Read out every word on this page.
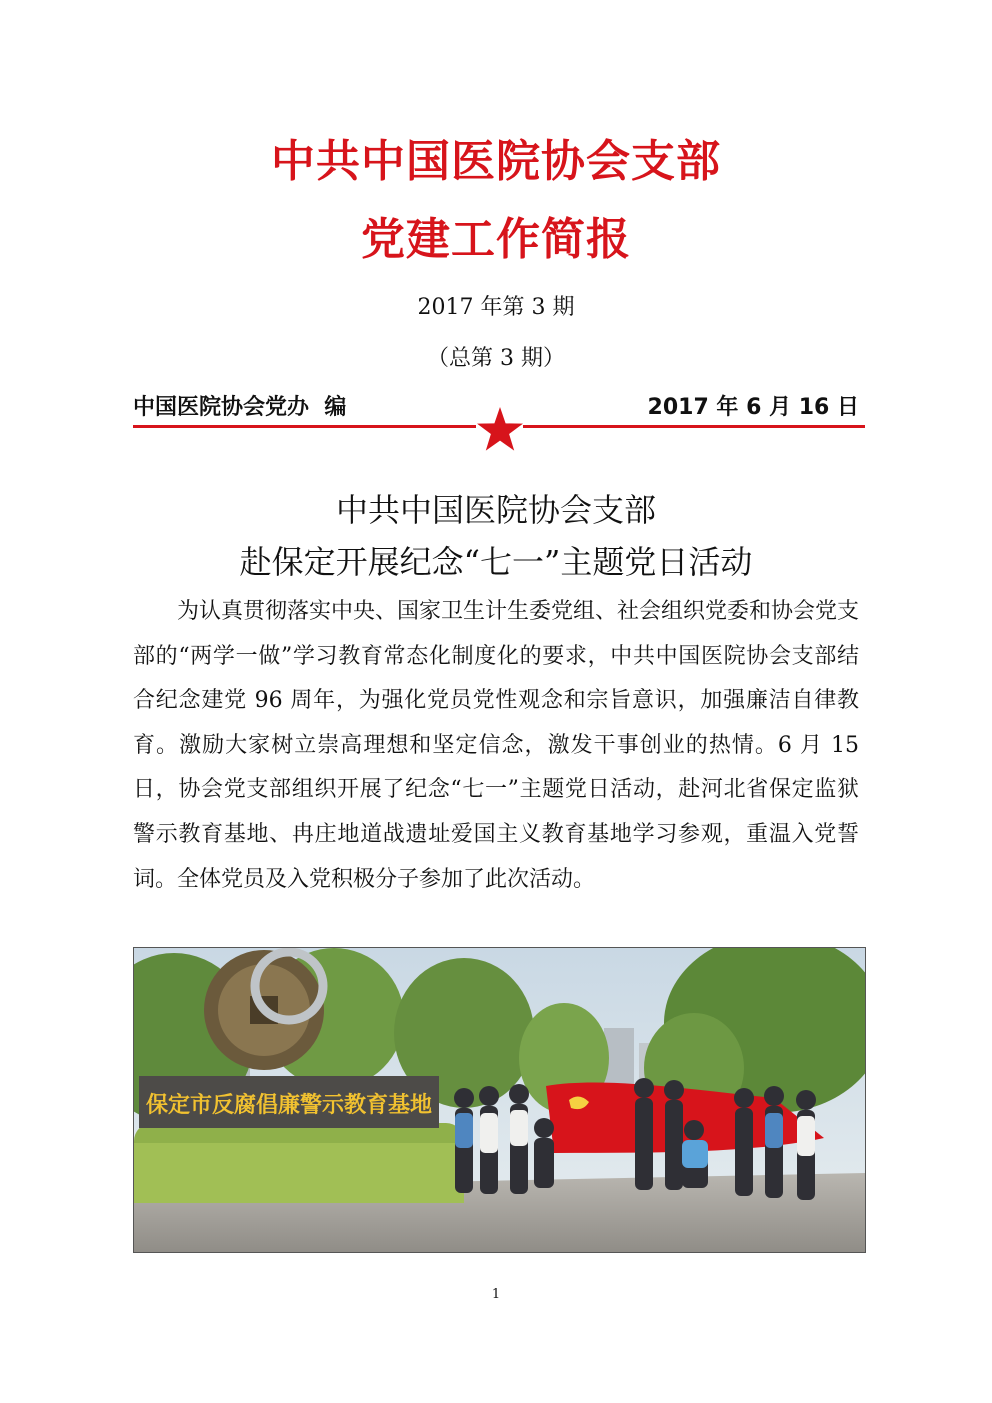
中共中国医院协会支部
党建工作简报
2017 年第 3 期
（总第 3 期）
中国医院协会党办  编	2017 年 6 月 16 日
中共中国医院协会支部
赴保定开展纪念“七一”主题党日活动

为认真贯彻落实中央、国家卫生计生委党组、社会组织党委和协会党支部的“两学一做”学习教育常态化制度化的要求，中共中国医院协会支部结合纪念建党 96 周年，为强化党员党性观念和宗旨意识，加强廉洁自律教育。激励大家树立崇高理想和坚定信念，激发干事创业的热情。6 月 15 日，协会党支部组织开展了纪念“七一”主题党日活动，赴河北省保定监狱警示教育基地、冉庄地道战遗址爱国主义教育基地学习参观，重温入党誓词。全体党员及入党积极分子参加了此次活动。

保定市反腐倡廉警示教育基地
1
